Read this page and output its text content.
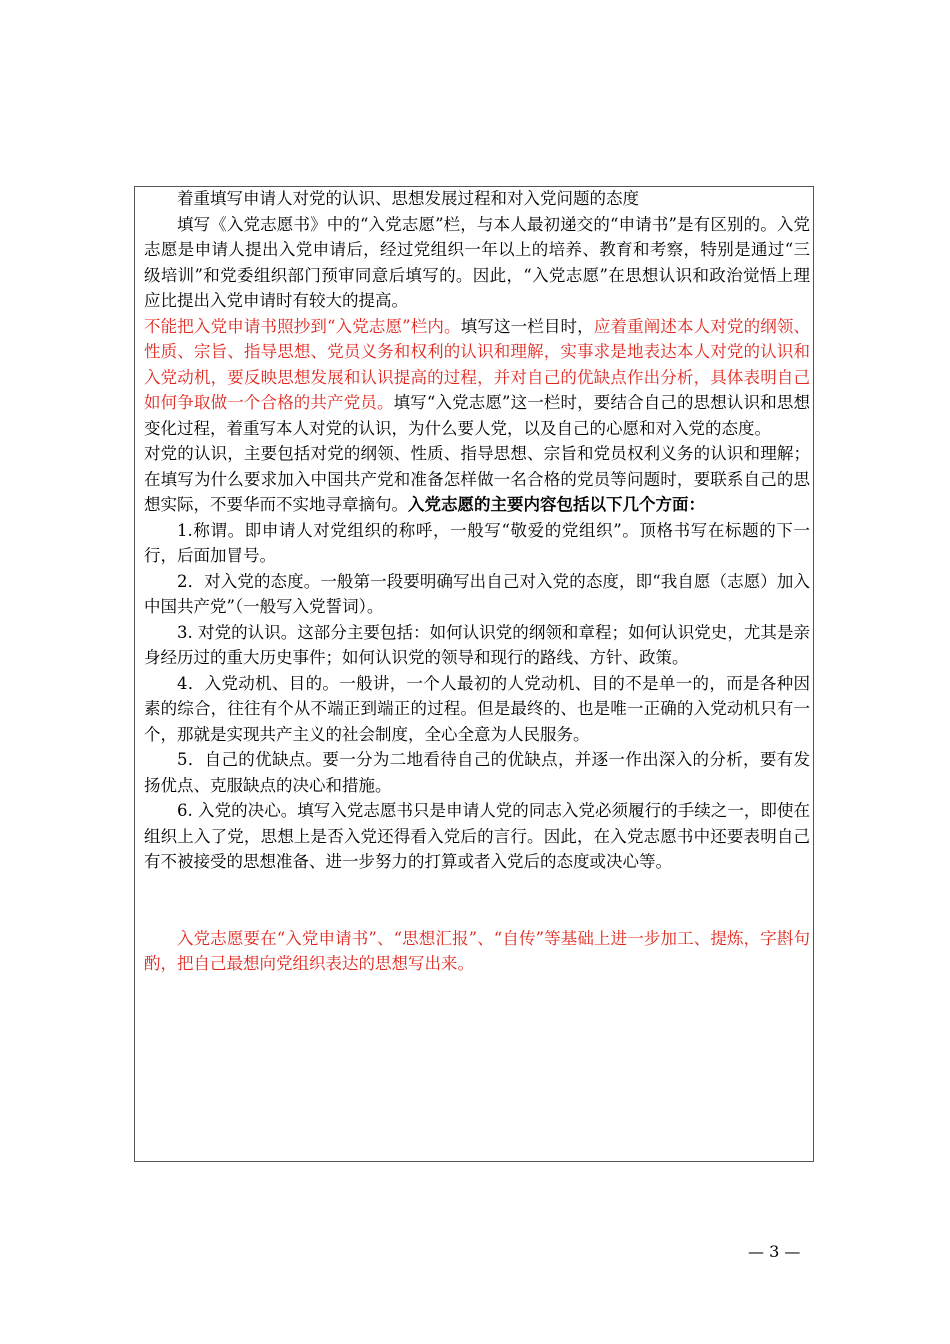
着重填写申请人对党的认识、思想发展过程和对入党问题的态度

填写《入党志愿书》中的“入党志愿”栏，与本人最初递交的“申请书”是有区别的。入党志愿是申请人提出入党申请后，经过党组织一年以上的培养、教育和考察，特别是通过“三级培训”和党委组织部门预审同意后填写的。因此，“入党志愿”在思想认识和政治觉悟上理应比提出入党申请时有较大的提高。

不能把入党申请书照抄到“入党志愿”栏内。填写这一栏目时，应着重阐述本人对党的纲领、性质、宗旨、指导思想、党员义务和权利的认识和理解，实事求是地表达本人对党的认识和入党动机，要反映思想发展和认识提高的过程，并对自己的优缺点作出分析，具体表明自己如何争取做一个合格的共产党员。填写“入党志愿”这一栏时，要结合自己的思想认识和思想变化过程，着重写本人对党的认识，为什么要人党，以及自己的心愿和对入党的态度。

对党的认识，主要包括对党的纲领、性质、指导思想、宗旨和党员权利义务的认识和理解；在填写为什么要求加入中国共产党和准备怎样做一名合格的党员等问题时，要联系自己的思想实际，不要华而不实地寻章摘句。入党志愿的主要内容包括以下几个方面：

1.称谓。即申请人对党组织的称呼，一般写“敬爱的党组织”。顶格书写在标题的下一行，后面加冒号。

2．对入党的态度。一般第一段要明确写出自己对入党的态度，即“我自愿（志愿）加入中国共产党”（一般写入党誓词）。

3. 对党的认识。这部分主要包括：如何认识党的纲领和章程；如何认识党史，尤其是亲身经历过的重大历史事件；如何认识党的领导和现行的路线、方针、政策。

4．入党动机、目的。一般讲，一个人最初的人党动机、目的不是单一的，而是各种因素的综合，往往有个从不端正到端正的过程。但是最终的、也是唯一正确的入党动机只有一个，那就是实现共产主义的社会制度，全心全意为人民服务。

5．自己的优缺点。要一分为二地看待自己的优缺点，并逐一作出深入的分析，要有发扬优点、克服缺点的决心和措施。

6. 入党的决心。填写入党志愿书只是申请人党的同志入党必须履行的手续之一，即使在组织上入了党，思想上是否入党还得看入党后的言行。因此，在入党志愿书中还要表明自己有不被接受的思想准备、进一步努力的打算或者入党后的态度或决心等。

入党志愿要在“入党申请书”、“思想汇报”、“自传”等基础上进一步加工、提炼，字斟句酌，把自己最想向党组织表达的思想写出来。

— 3 —
